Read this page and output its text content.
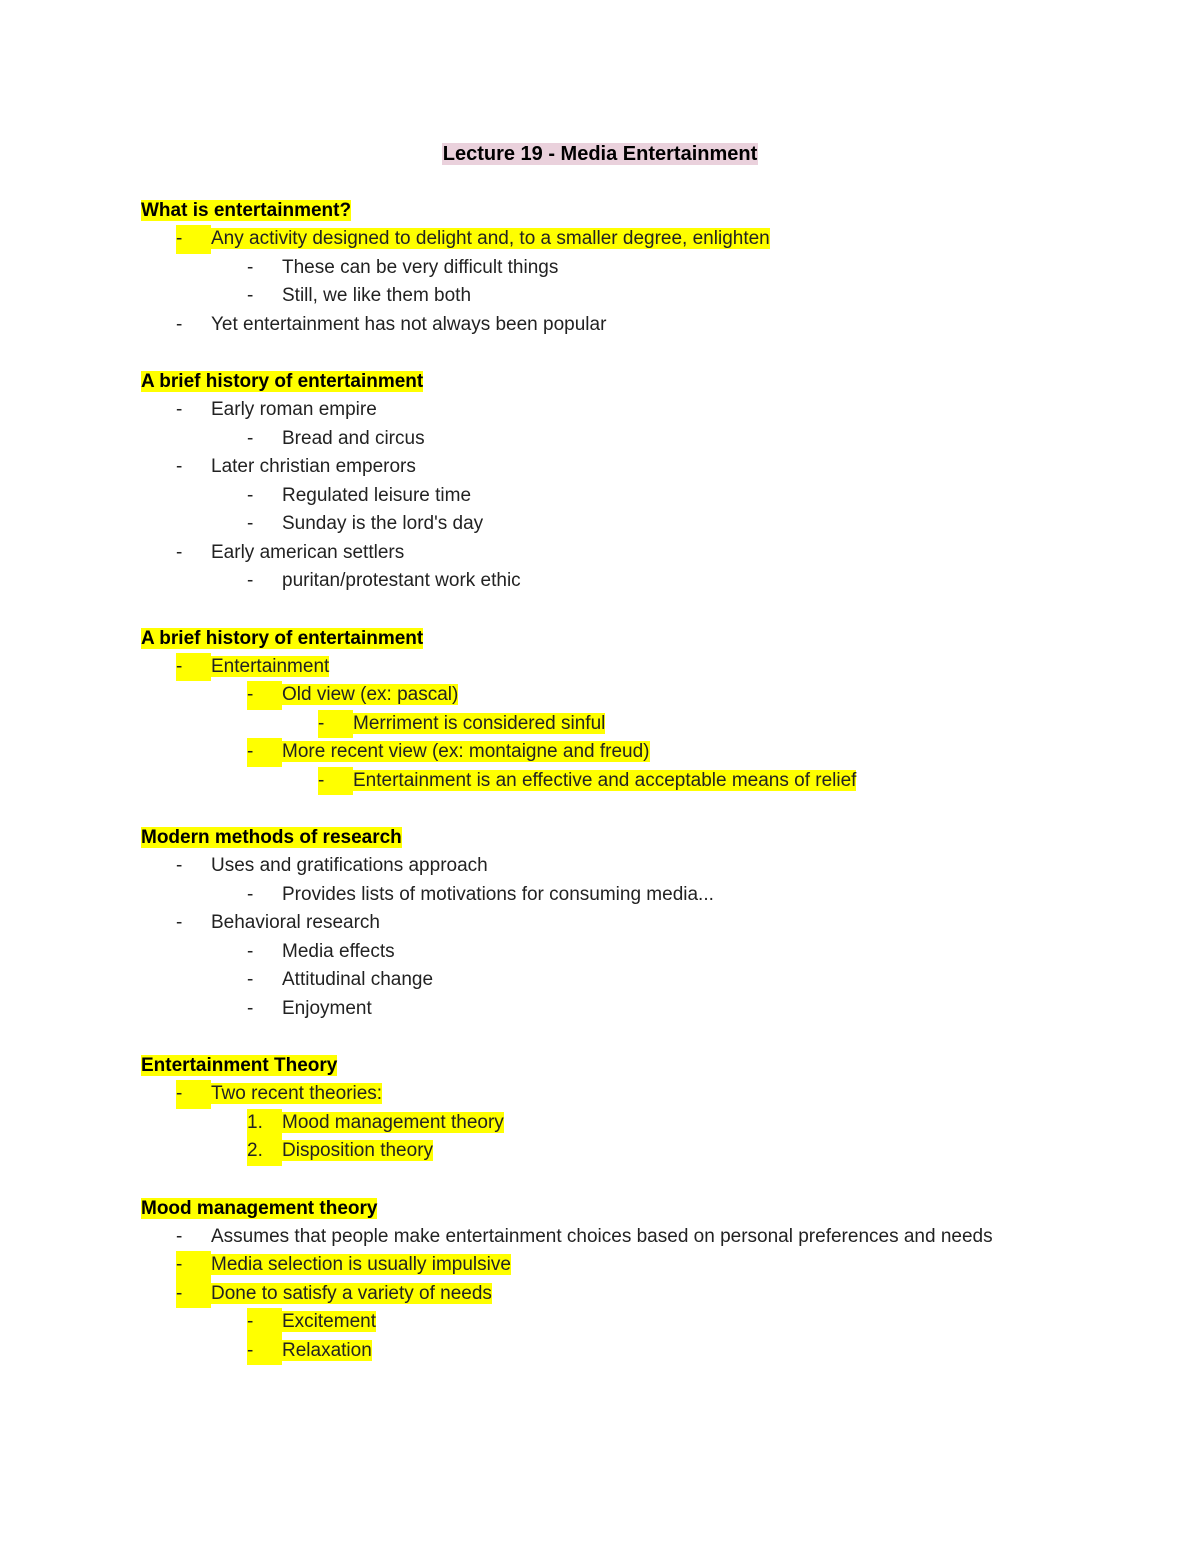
Lecture 19 - Media Entertainment
What is entertainment?
-	Any activity designed to delight and, to a smaller degree, enlighten
-	These can be very difficult things
-	Still, we like them both
-	Yet entertainment has not always been popular
A brief history of entertainment
-	Early roman empire
-	Bread and circus
-	Later christian emperors
-	Regulated leisure time
-	Sunday is the lord's day
-	Early american settlers
-	puritan/protestant work ethic
A brief history of entertainment
-	Entertainment
-	Old view (ex: pascal)
-	Merriment is considered sinful
-	More recent view (ex: montaigne and freud)
-	Entertainment is an effective and acceptable means of relief
Modern methods of research
-	Uses and gratifications approach
-	Provides lists of motivations for consuming media...
-	Behavioral research
-	Media effects
-	Attitudinal change
-	Enjoyment
Entertainment Theory
-	Two recent theories:
1.	Mood management theory
2.	Disposition theory
Mood management theory
-	Assumes that people make entertainment choices based on personal preferences and needs
-	Media selection is usually impulsive
-	Done to satisfy a variety of needs
-	Excitement
-	Relaxation
